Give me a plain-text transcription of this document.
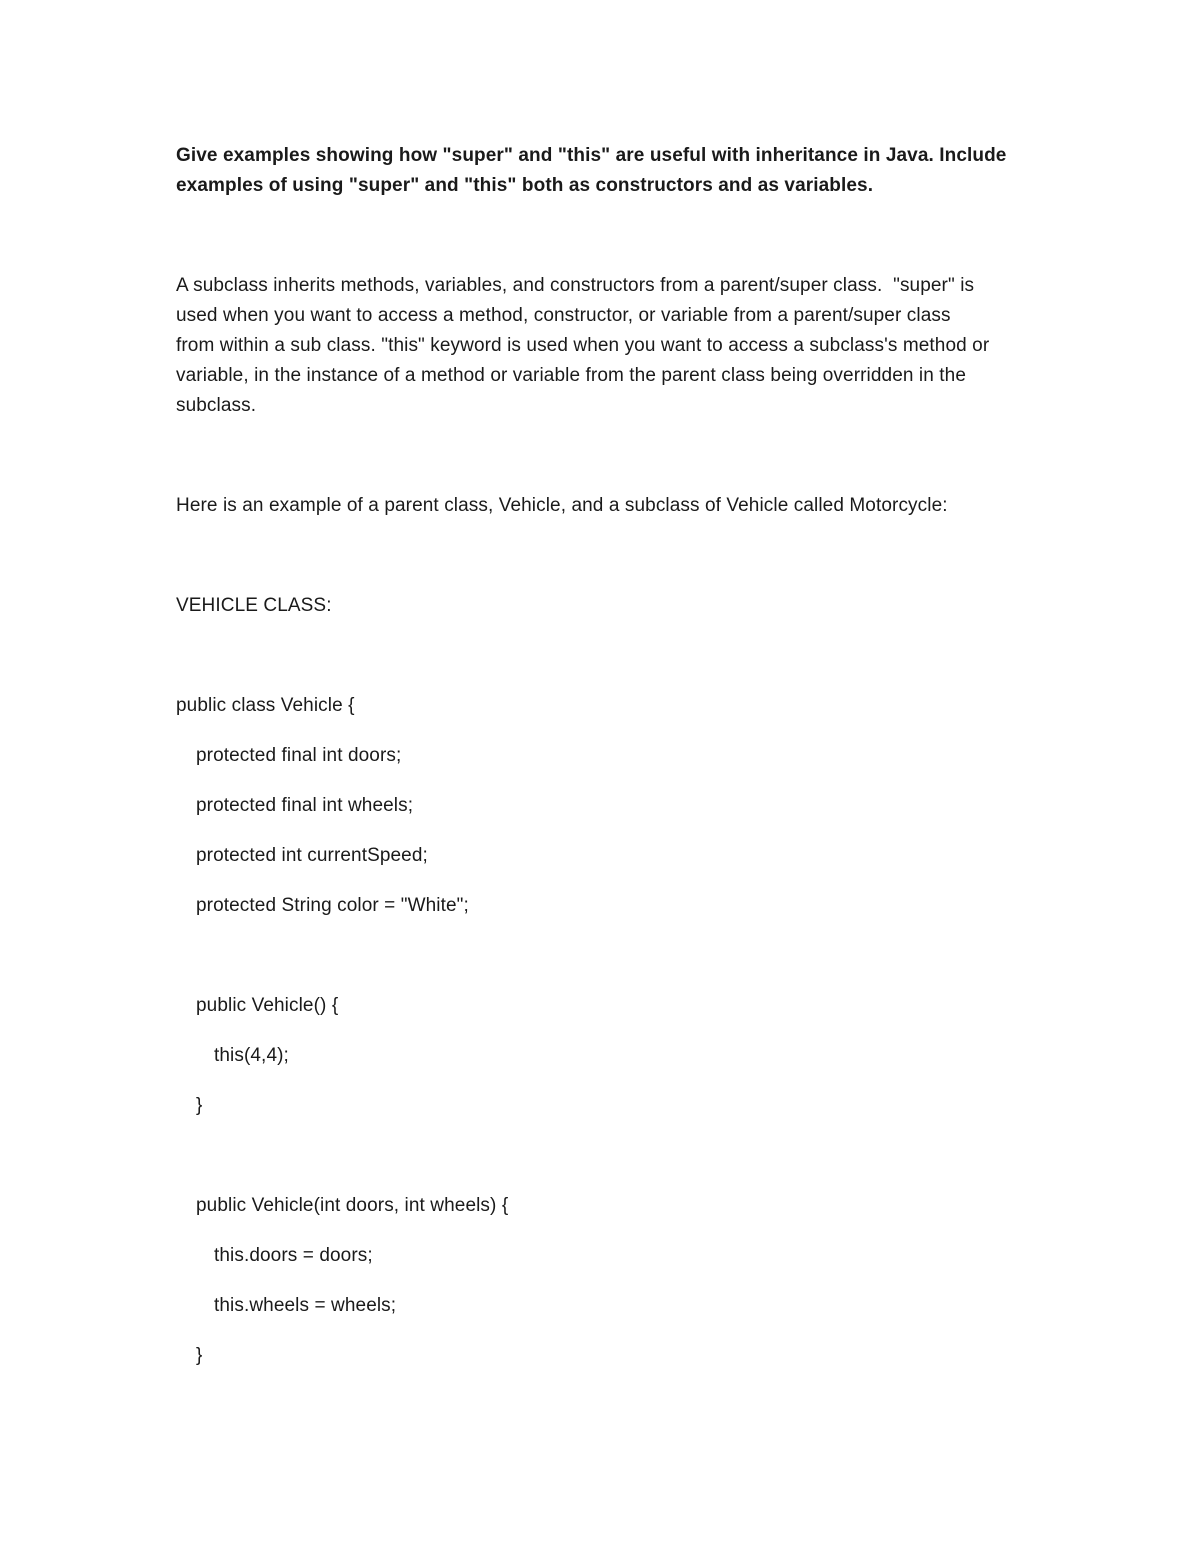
Give examples showing how "super" and "this" are useful with inheritance in Java. Include
examples of using "super" and "this" both as constructors and as variables.
A subclass inherits methods, variables, and constructors from a parent/super class.  "super" is
used when you want to access a method, constructor, or variable from a parent/super class
from within a sub class. "this" keyword is used when you want to access a subclass's method or
variable, in the instance of a method or variable from the parent class being overridden in the
subclass.
Here is an example of a parent class, Vehicle, and a subclass of Vehicle called Motorcycle:
VEHICLE CLASS:
public class Vehicle {
protected final int doors;
protected final int wheels;
protected int currentSpeed;
protected String color = "White";
public Vehicle() {
this(4,4);
}
public Vehicle(int doors, int wheels) {
this.doors = doors;
this.wheels = wheels;
}
